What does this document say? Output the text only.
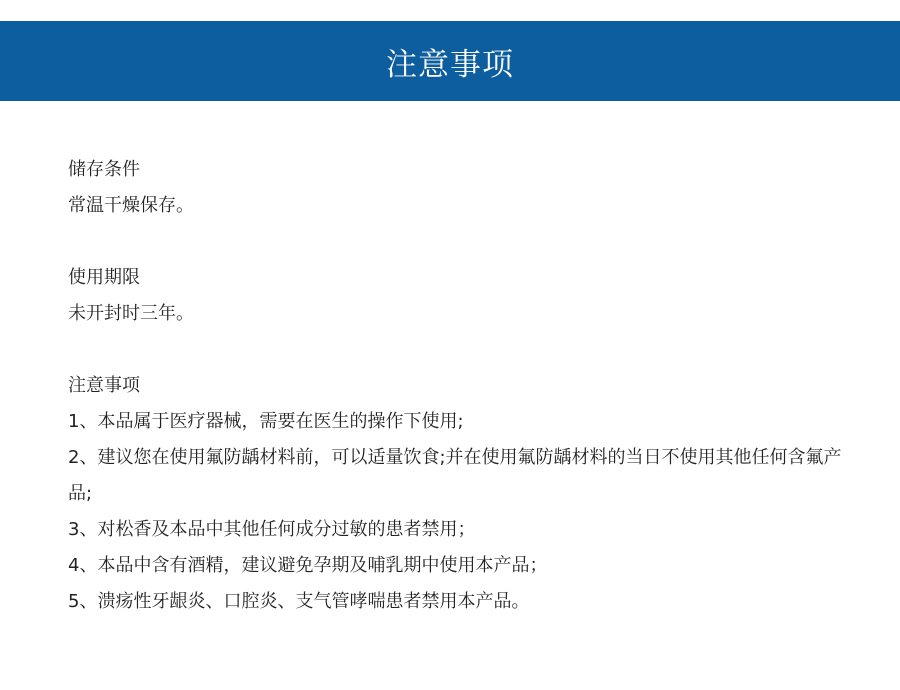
注意事项

储存条件

常温干燥保存。

使用期限

未开封时三年。

注意事项

1、本品属于医疗器械，需要在医生的操作下使用;

2、建议您在使用氟防龋材料前，可以适量饮食;并在使用氟防龋材料的当日不使用其他任何含氟产品;

3、对松香及本品中其他任何成分过敏的患者禁用；

4、本品中含有酒精，建议避免孕期及哺乳期中使用本产品；

5、溃疡性牙龈炎、口腔炎、支气管哮喘患者禁用本产品。
